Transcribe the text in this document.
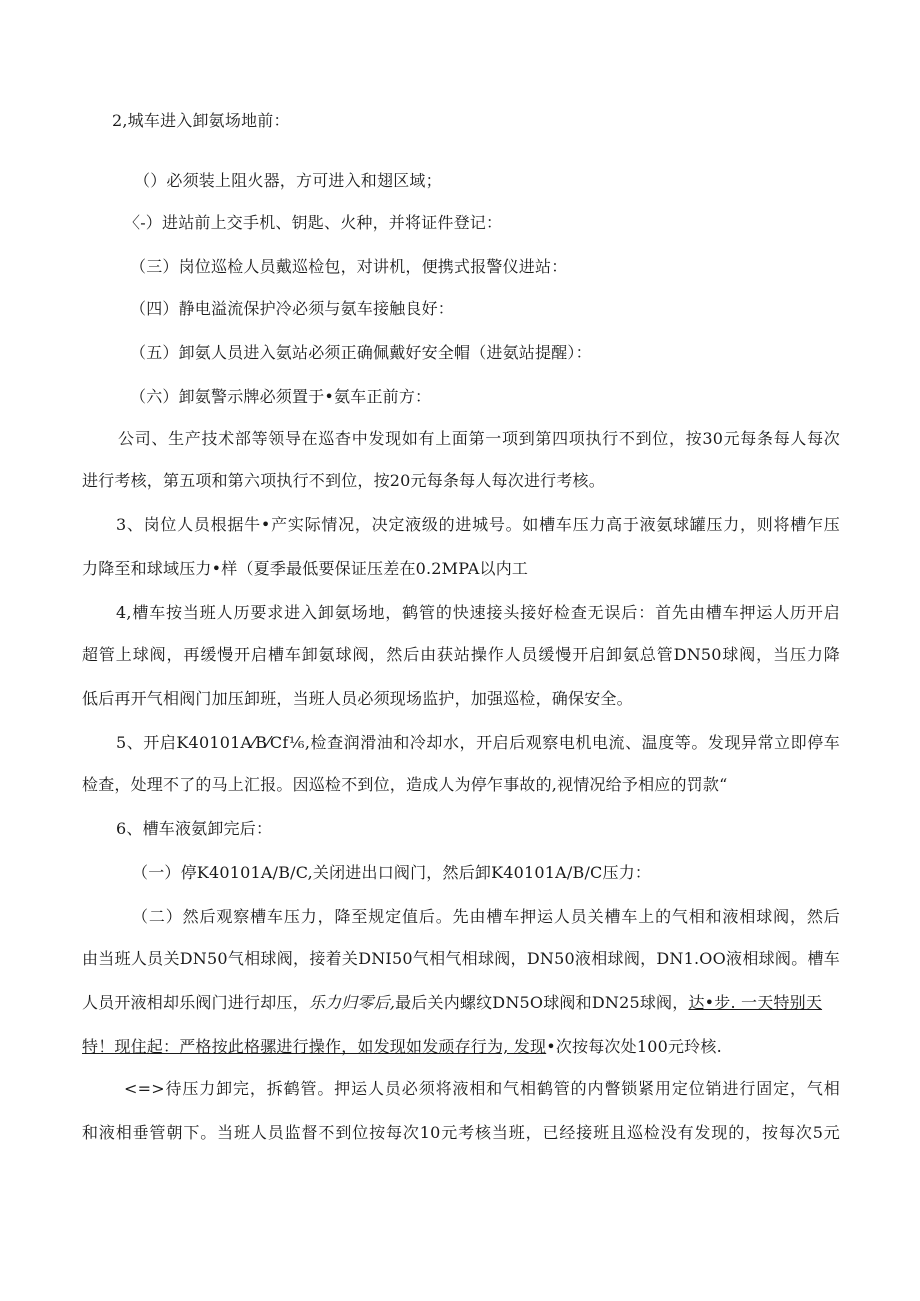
2,城车进入卸氨场地前：
（）必须装上阻火器，方可进入和翅区域；
〈-）进站前上交手机、钥匙、火种，并将证件登记：
（三）岗位巡检人员戴巡检包，对讲机，便携式报警仪进站：
（四）静电溢流保护冷必须与氨车接触良好：
（五）卸氨人员进入氨站必须正确佩戴好安全帽（进氨站提醒）：
（六）卸氨警示牌必须置于•氨车正前方：
公司、生产技术部等领导在巡杳中发现如有上面第一项到第四项执行不到位，按30元每条每人每次
进行考核，第五项和第六项执行不到位，按20元每条每人每次进行考核。
3、岗位人员根据牛•产实际情况，决定液级的进城号。如槽车压力高于液氨球罐压力，则将槽乍压
力降至和球域压力•样（夏季最低要保证压差在0.2MPA以内工
4,槽车按当班人历要求进入卸氨场地，鹤管的快速接头接好检查无误后：首先由槽车押运人历开启
超管上球阀，再缓慢开启槽车卸氨球阀，然后由获站操作人员缓慢开启卸氨总管DN50球阀，当压力降
低后再开气相阀门加压卸班，当班人员必须现场监护，加强巡检，确保安全。
5、开启K40101A⁄B⁄Cf⅙,检查润滑油和冷却水，开启后观察电机电流、温度等。发现异常立即停车
检查，处理不了的马上汇报。因巡检不到位，造成人为停乍事故的,视情况给予相应的罚款“
6、槽车液氨卸完后：
（一）停K40101A/B/C,关闭进出口阀门，然后卸K40101A/B/C压力：
（二）然后观察槽车压力，降至规定值后。先由槽车押运人员关槽车上的气相和液相球阀，然后
由当班人员关DN50气相球阀，接着关DNI50气相气相球阀，DN50液相球阀，DN1.OO液相球阀。槽车
人员开液相却乐阀门进行却压，乐力归零后,最后关内螺纹DN5O球阀和DN25球阀，达•步. 一天特别天
特！现住起：严格按此格骡进行操作，如发现如发顽存行为, 发现•次按每次处100元玲核.
<=>待压力卸完，拆鹤管。押运人员必须将液相和气相鹤管的内瞥锁紧用定位销进行固定，气相
和液相垂管朝下。当班人员监督不到位按每次10元考核当班，已经接班且巡检没有发现的，按每次5元
